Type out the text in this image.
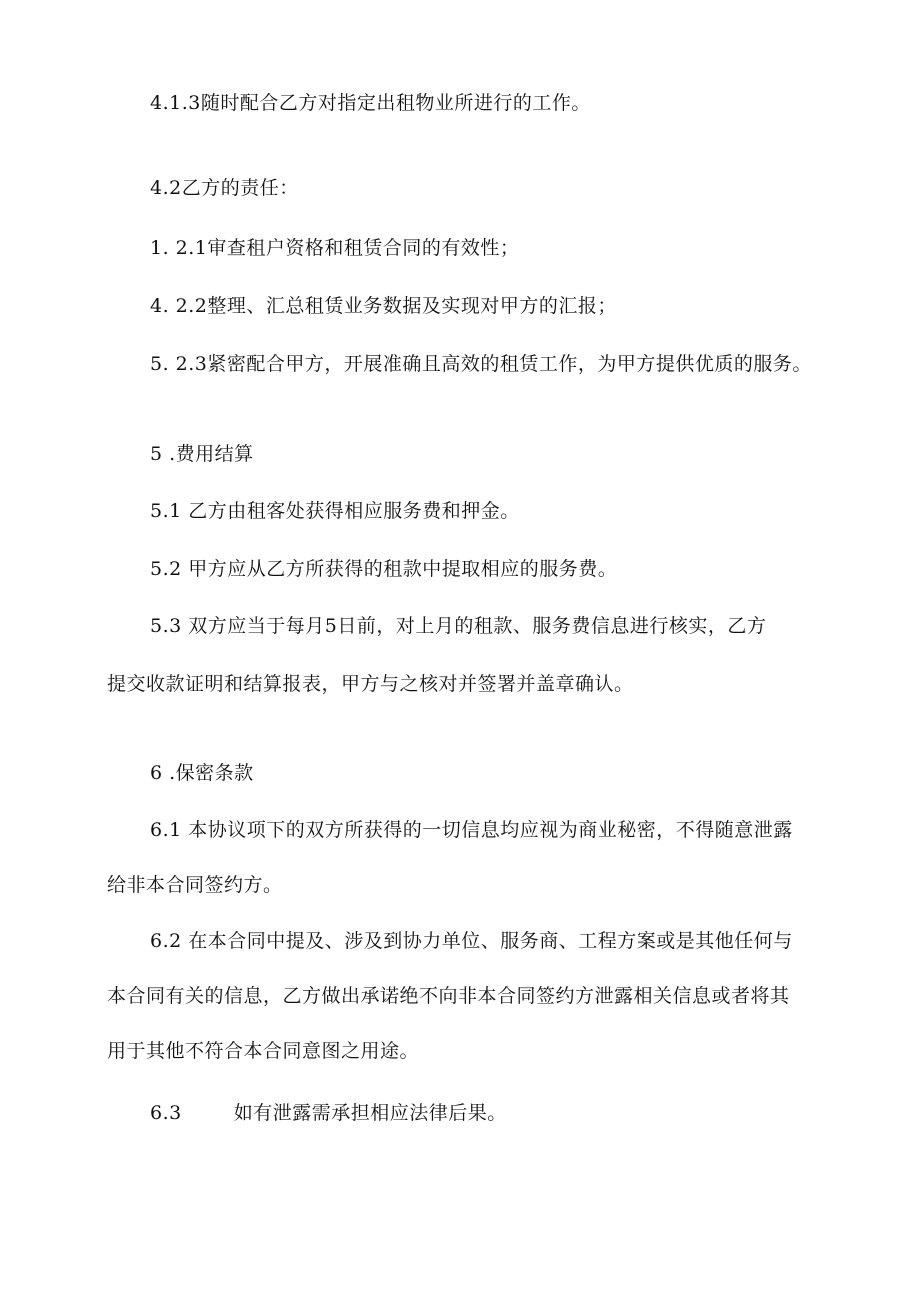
4.1.3随时配合乙方对指定出租物业所进行的工作。
4.2乙方的责任：
1. 2.1审查租户资格和租赁合同的有效性；
4. 2.2整理、汇总租赁业务数据及实现对甲方的汇报；
5. 2.3紧密配合甲方，开展准确且高效的租赁工作，为甲方提供优质的服务。
5 .费用结算
5.1 乙方由租客处获得相应服务费和押金。
5.2 甲方应从乙方所获得的租款中提取相应的服务费。
5.3 双方应当于每月5日前，对上月的租款、服务费信息进行核实，乙方
提交收款证明和结算报表，甲方与之核对并签署并盖章确认。
6 .保密条款
6.1 本协议项下的双方所获得的一切信息均应视为商业秘密，不得随意泄露
给非本合同签约方。
6.2 在本合同中提及、涉及到协力单位、服务商、工程方案或是其他任何与
本合同有关的信息，乙方做出承诺绝不向非本合同签约方泄露相关信息或者将其
用于其他不符合本合同意图之用途。
6.3	如有泄露需承担相应法律后果。
